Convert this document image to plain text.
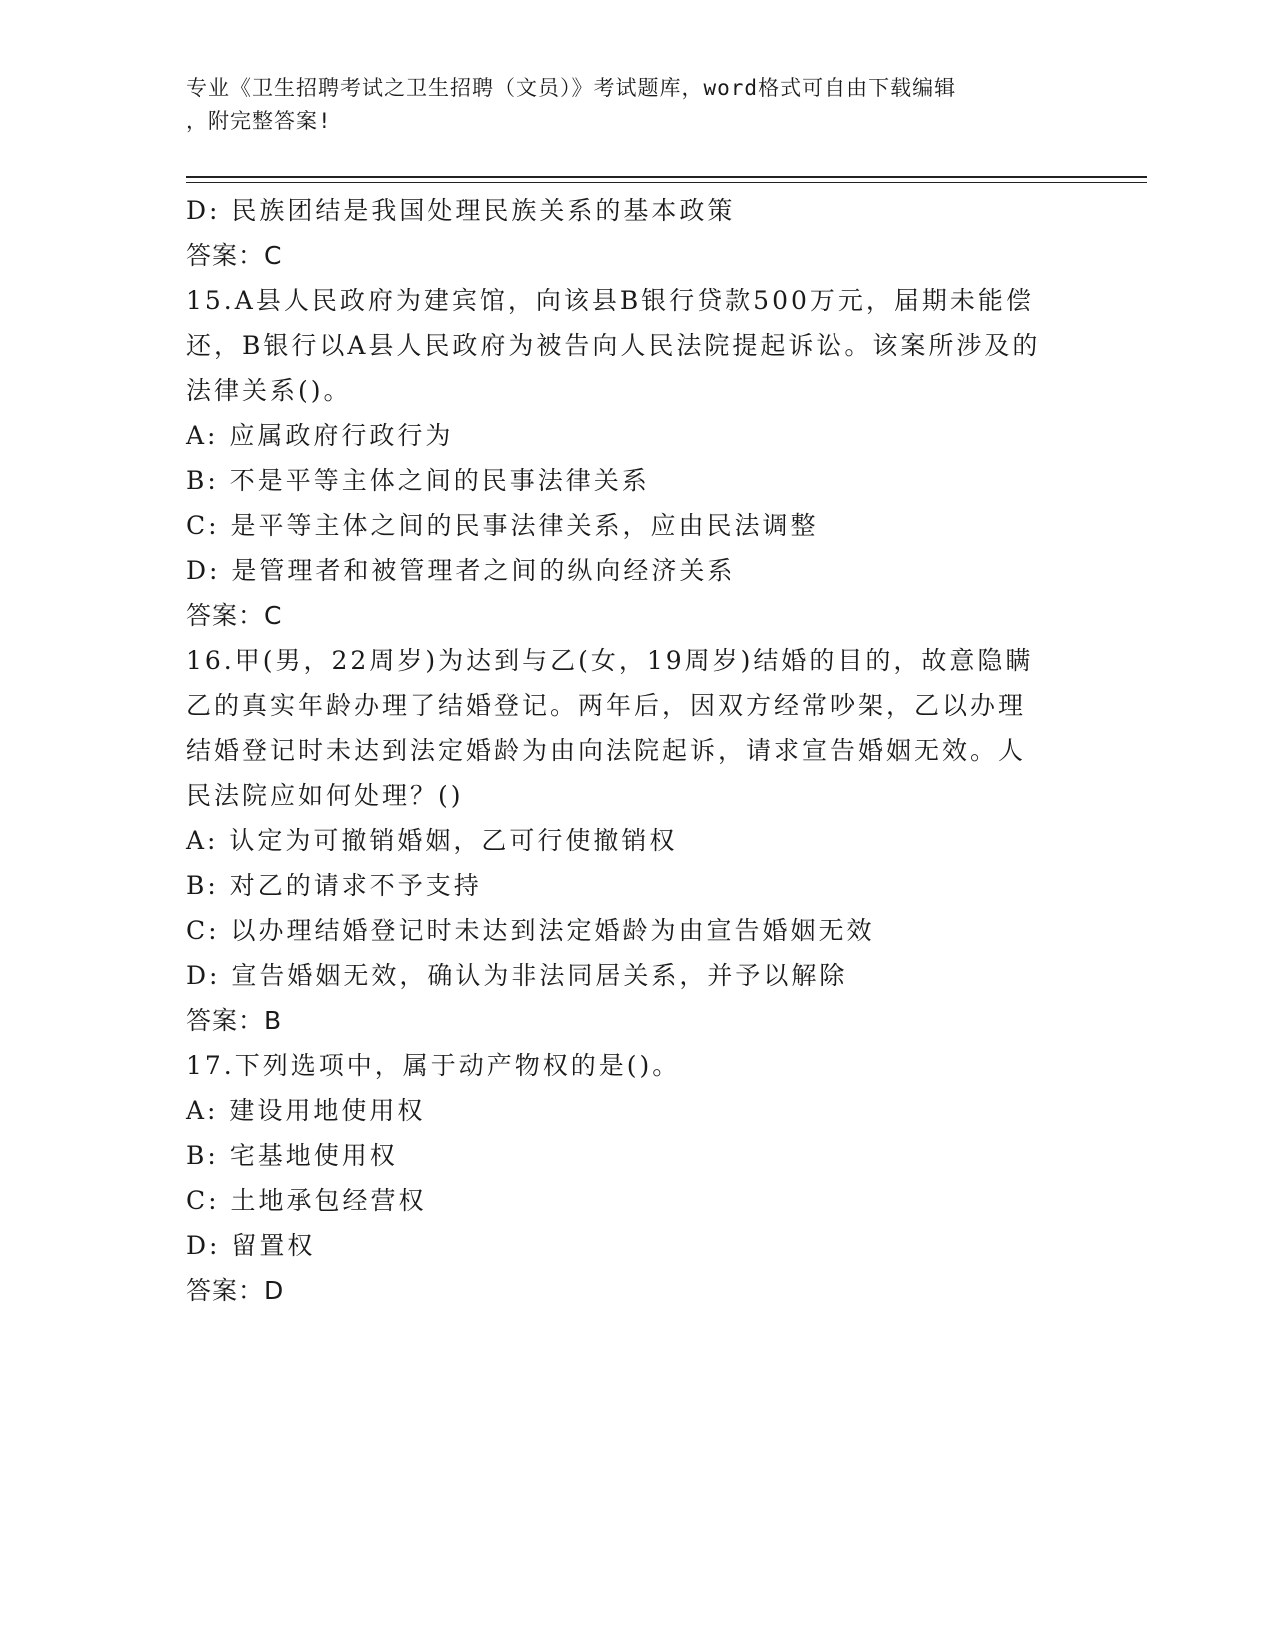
专业《卫生招聘考试之卫生招聘（文员）》考试题库，word格式可自由下载编辑
，附完整答案!
D: 民族团结是我国处理民族关系的基本政策
答案：C
15.A县人民政府为建宾馆，向该县B银行贷款500万元，届期未能偿
还，B银行以A县人民政府为被告向人民法院提起诉讼。该案所涉及的
法律关系()。
A: 应属政府行政行为
B: 不是平等主体之间的民事法律关系
C: 是平等主体之间的民事法律关系，应由民法调整
D: 是管理者和被管理者之间的纵向经济关系
答案：C
16.甲(男，22周岁)为达到与乙(女，19周岁)结婚的目的，故意隐瞒
乙的真实年龄办理了结婚登记。两年后，因双方经常吵架，乙以办理
结婚登记时未达到法定婚龄为由向法院起诉，请求宣告婚姻无效。人
民法院应如何处理？()
A: 认定为可撤销婚姻，乙可行使撤销权
B: 对乙的请求不予支持
C: 以办理结婚登记时未达到法定婚龄为由宣告婚姻无效
D: 宣告婚姻无效，确认为非法同居关系，并予以解除
答案：B
17.下列选项中，属于动产物权的是()。
A: 建设用地使用权
B: 宅基地使用权
C: 土地承包经营权
D: 留置权
答案：D
